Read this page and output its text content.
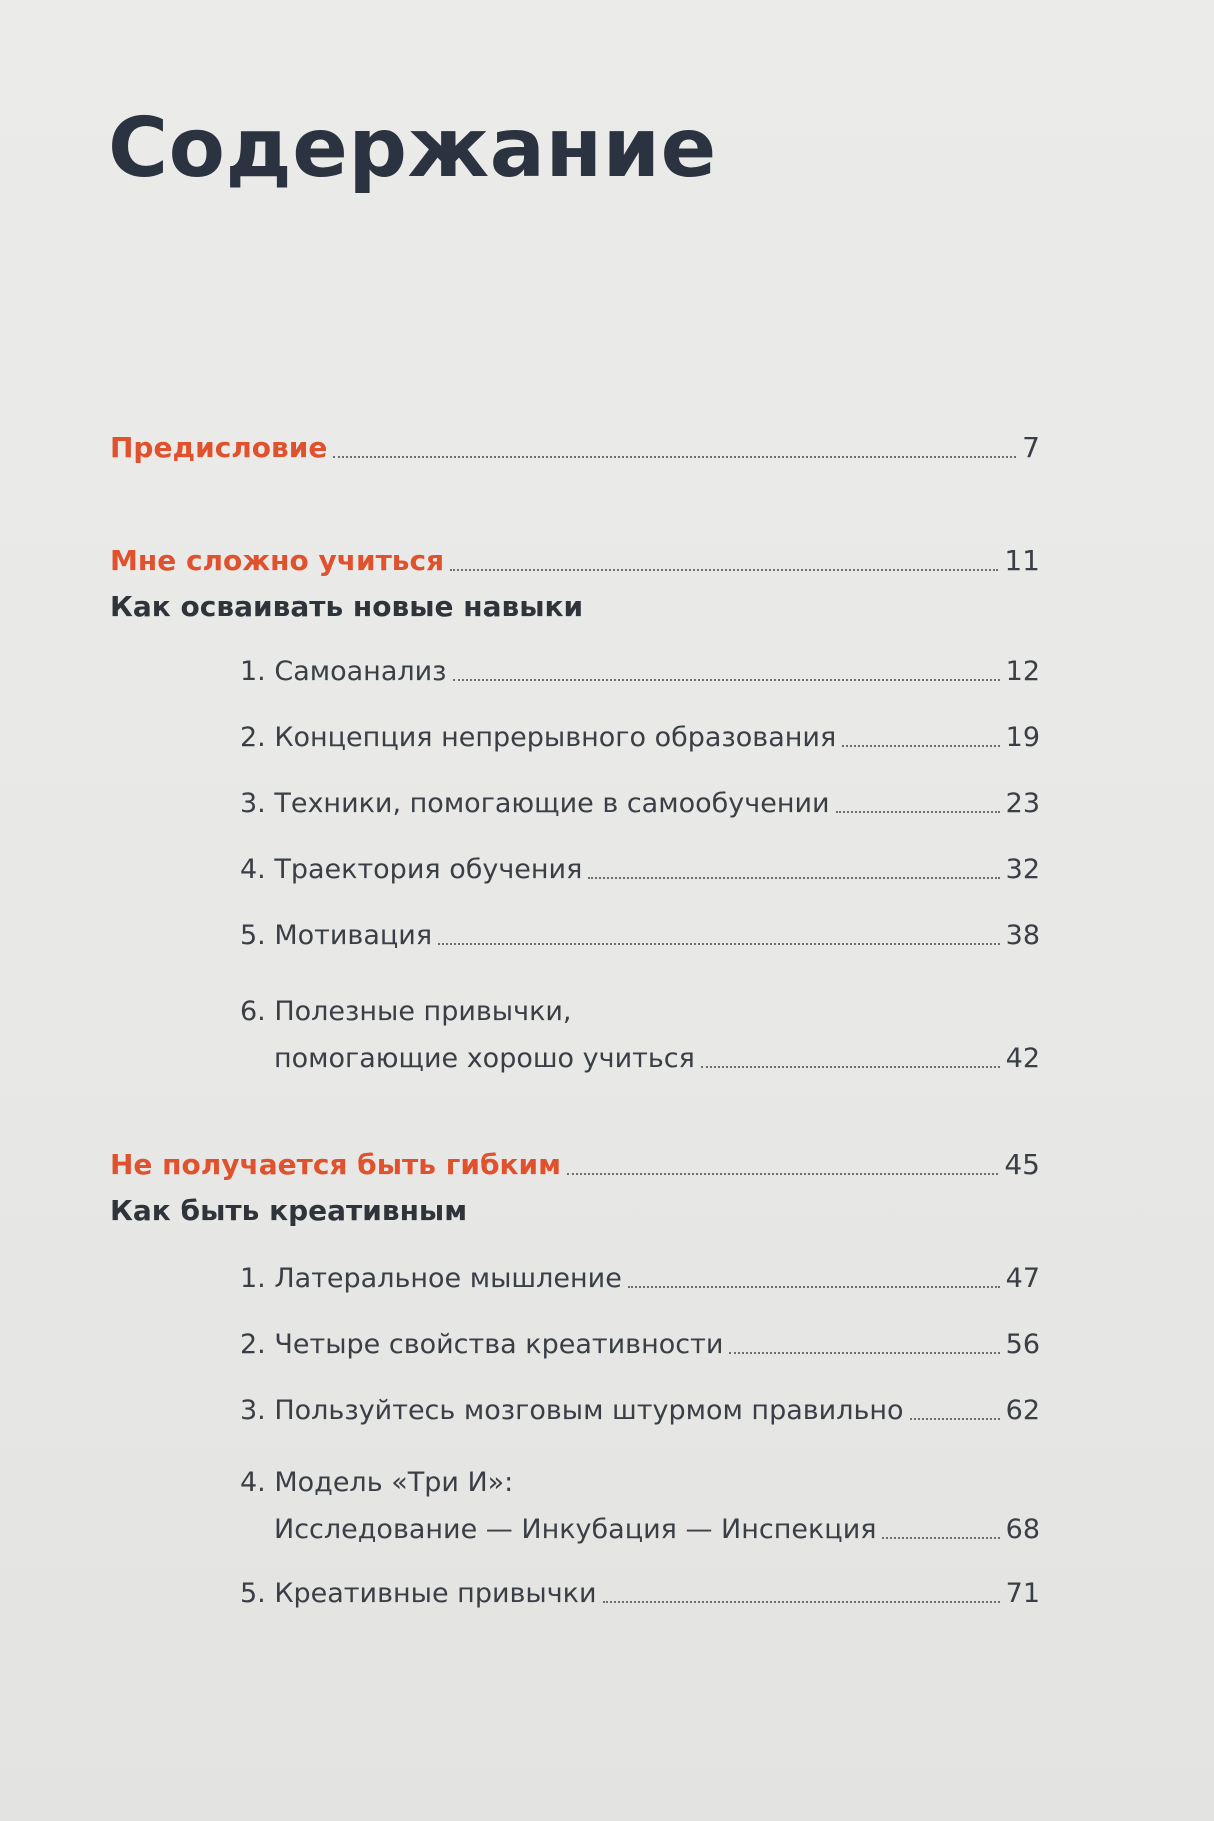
Содержание
Предисловие	7
Мне сложно учиться	11
Как осваивать новые навыки
1. Самоанализ	12
2. Концепция непрерывного образования	19
3. Техники, помогающие в самообучении	23
4. Траектория обучения	32
5. Мотивация	38
6. Полезные привычки,
помогающие хорошо учиться	42
Не получается быть гибким	45
Как быть креативным
1. Латеральное мышление	47
2. Четыре свойства креативности	56
3. Пользуйтесь мозговым штурмом правильно	62
4. Модель «Три И»:
Исследование — Инкубация — Инспекция	68
5. Креативные привычки	71
